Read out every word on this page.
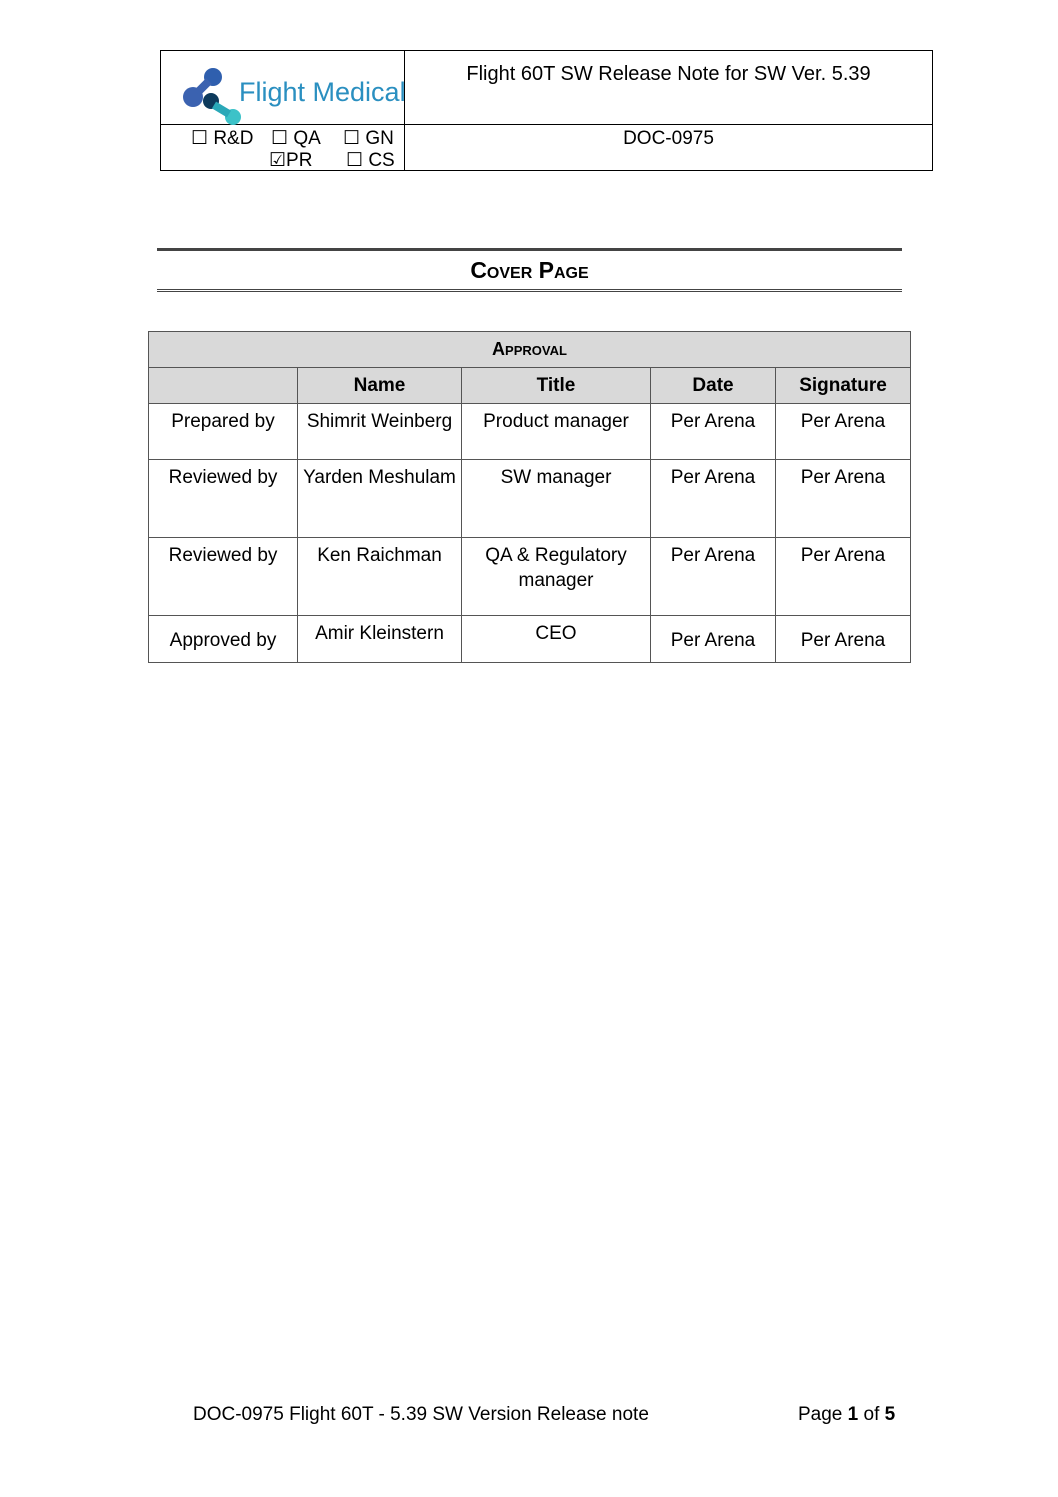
Flight Medical
☐ R&D ☐ QA ☐ GN
☑PR ☐ CS
Flight 60T SW Release Note for SW Ver. 5.39
DOC-0975
Cover Page
Approval				
	Name	Title	Date	Signature
Prepared by	Shimrit Weinberg	Product manager	Per Arena	Per Arena
Reviewed by	Yarden Meshulam	SW manager	Per Arena	Per Arena
Reviewed by	Ken Raichman	QA & Regulatory manager	Per Arena	Per Arena
Approved by	Amir Kleinstern	CEO	Per Arena	Per Arena
DOC-0975 Flight 60T - 5.39 SW Version Release note	Page 1 of 5
